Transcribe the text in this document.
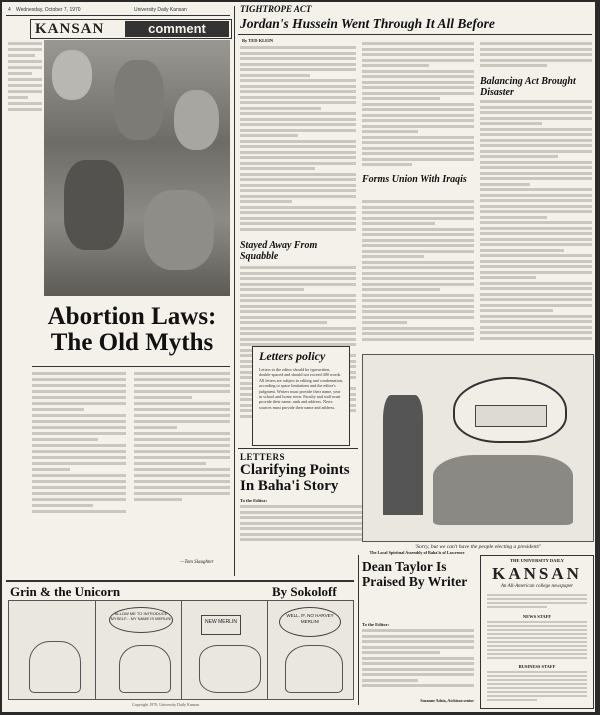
4 Wednesday, October 7, 1970	University Daily Kansan
KANSAN	comment
Abortion Laws:
The Old Myths
—Tom Slaughter
Grin & the Unicorn	By Sokoloff
ALLOW ME TO INTRODUCE MYSELF... MY NAME IS MERLIN!
NEW MERLIN
WELL, IF, NO HARVEY MERLIN!
Copyright 1970, University Daily Kansan
TIGHTROPE ACT
Jordan's Hussein Went Through It All Before
By TED KLEIN
Stayed Away From Squabble
Forms Union With Iraqis
Balancing Act Brought Disaster
Letters policy
Letters to the editor should be typewritten, double-spaced and should not exceed 400 words. All letters are subject to editing and condensation, according to space limitations and the editor's judgment. Writers must provide their name, year in school and home town. Faculty and staff must provide their name, rank and address. News sources must provide their name and address.
LETTERS
Clarifying Points In Baha'i Story
To the Editor:
The Local Spiritual Assembly of Baha'is of Lawrence
'Sorry, but we can't have the people electing a president!'
Dean Taylor Is Praised By Writer
To the Editor:
Suzanne Adzia, Atchison senior
THE UNIVERSITY DAILY
KANSAN
An All-American college newspaper
NEWS STAFF
BUSINESS STAFF
